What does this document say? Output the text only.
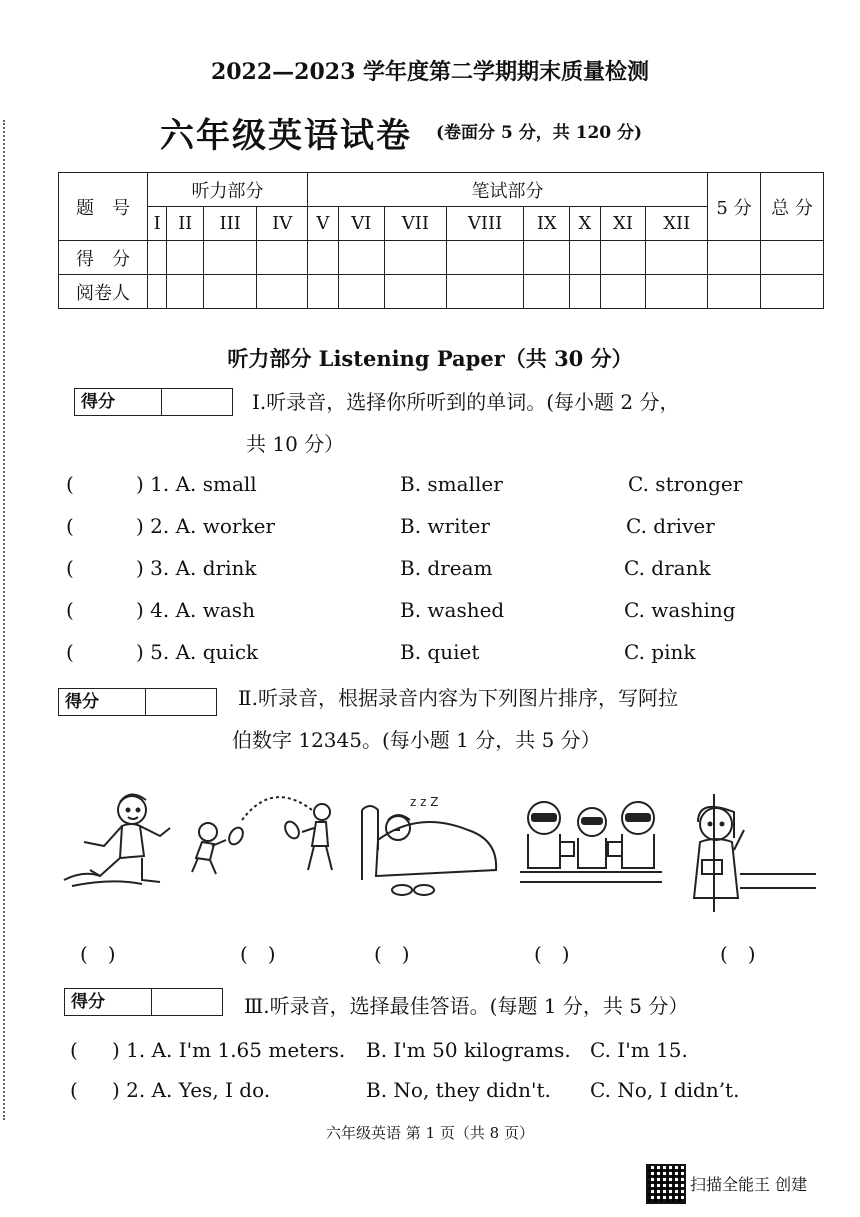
2022—2023 学年度第二学期期末质量检测
六年级英语试卷 (卷面分 5 分，共 120 分)
题　号	听力部分				笔试部分								5 分	总 分
	I	II	III	IV	V	VI	VII	VIII	IX	X	XI	XII		
得　分														
阅卷人														
听力部分 Listening Paper（共 30 分）
得分	Ⅰ.听录音，选择你所听到的单词。(每小题 2 分，
共 10 分）
(	) 1. A. small	B. smaller	C. stronger
(	) 2. A. worker	B. writer	C. driver
(	) 3. A. drink	B. dream	C. drank
(	) 4. A. wash	B. washed	C. washing
(	) 5. A. quick	B. quiet	C. pink
得分	Ⅱ.听录音，根据录音内容为下列图片排序，写阿拉
伯数字 12345。(每小题 1 分，共 5 分）
z z Z
(　)	(　)	(　)	(　)	(　)
得分	Ⅲ.听录音，选择最佳答语。(每题 1 分，共 5 分）
( ) 1. A. I'm 1.65 meters. B. I'm 50 kilograms. C. I'm 15.
( ) 2. A. Yes, I do.	B. No, they didn't. C. No, I didn’t.
六年级英语 第 1 页（共 8 页）
扫描全能王 创建
